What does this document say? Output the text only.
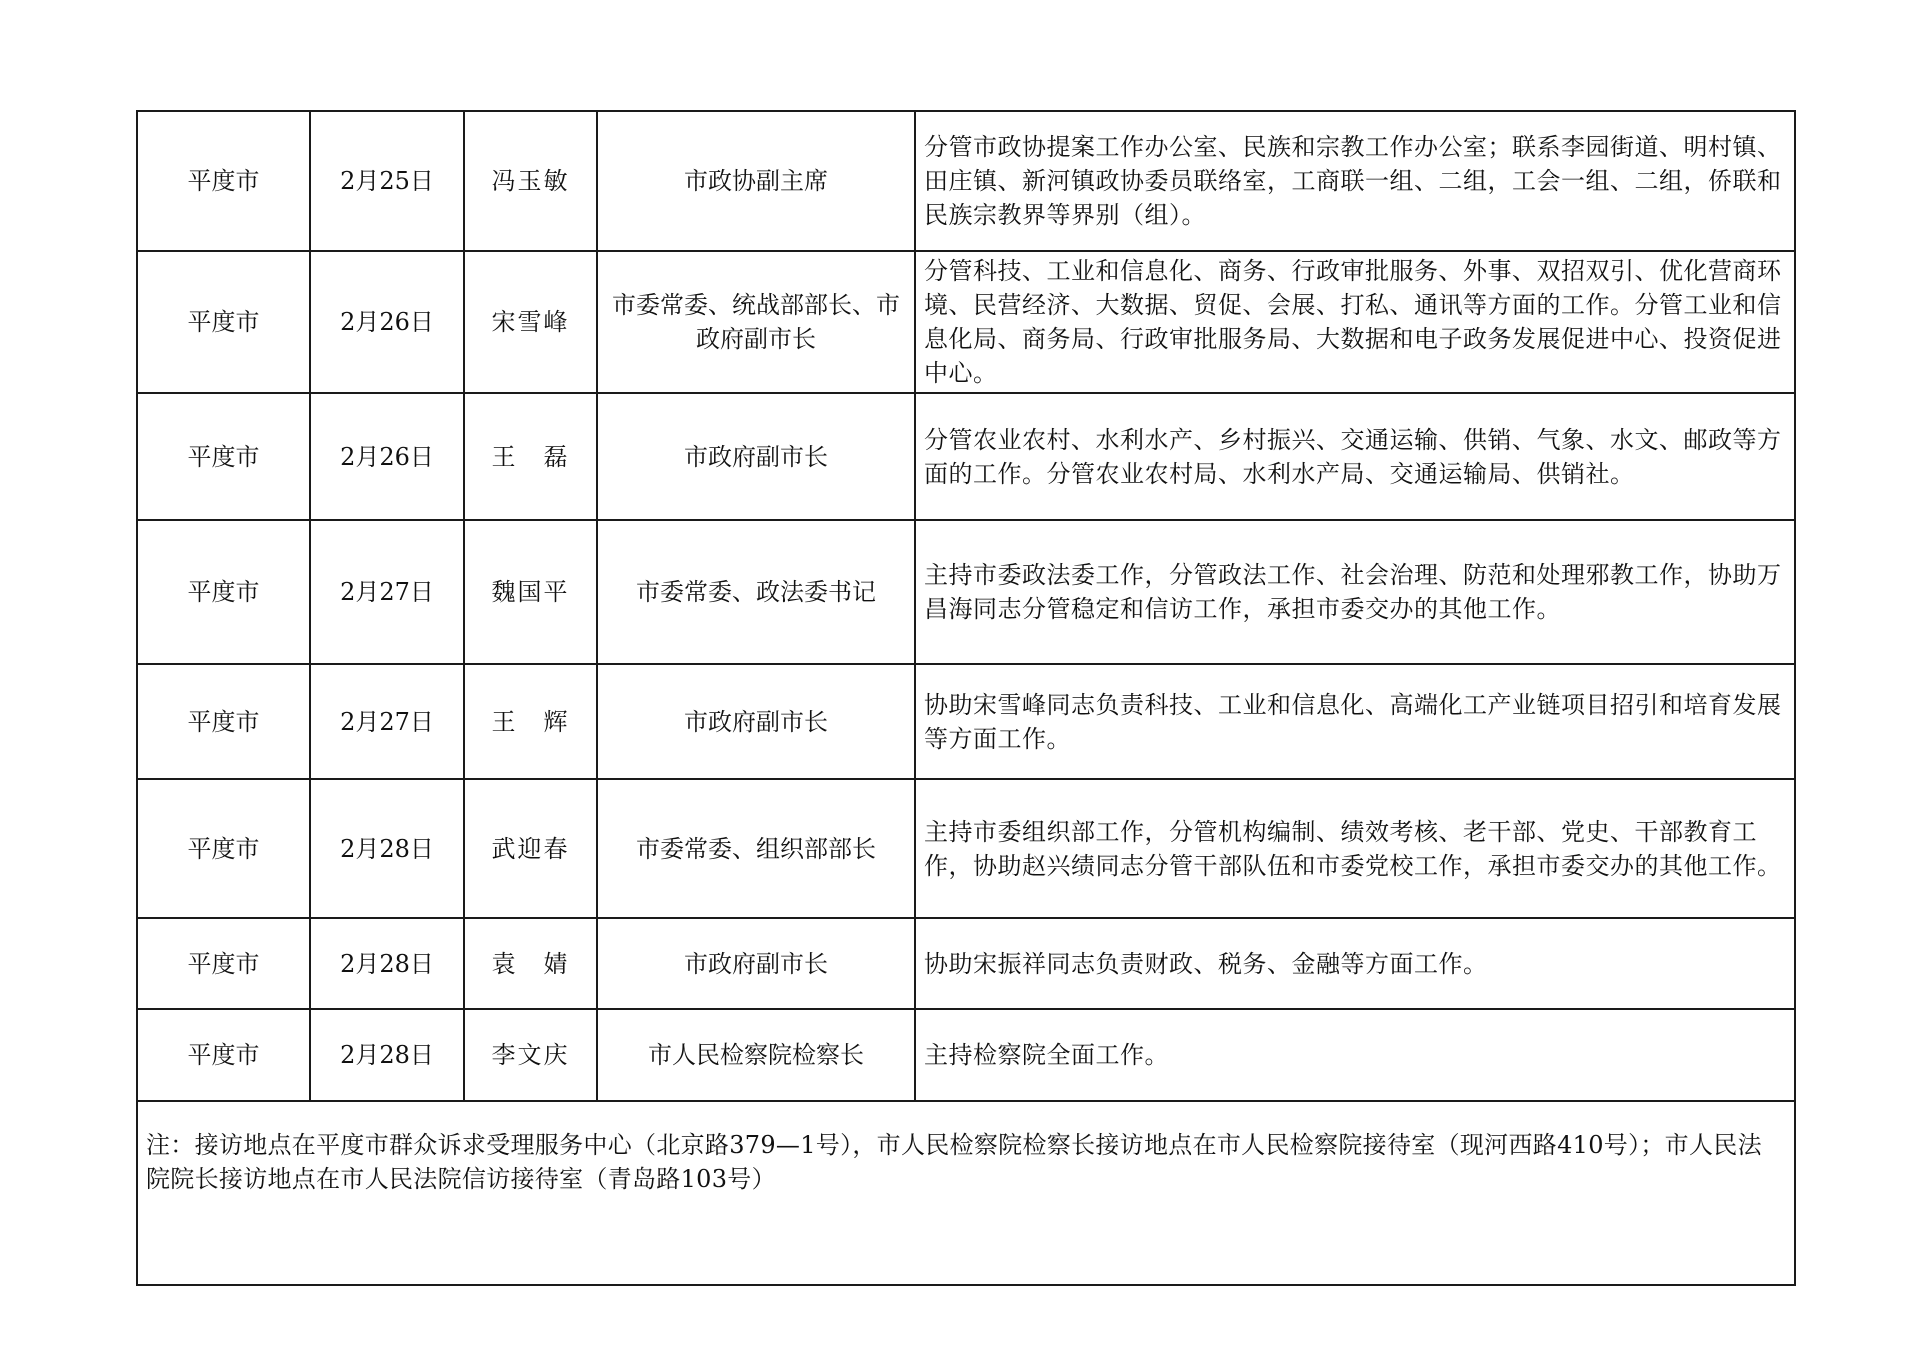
平度市	2月25日	冯玉敏	市政协副主席	分管市政协提案工作办公室、民族和宗教工作办公室；联系李园街道、明村镇、田庄镇、新河镇政协委员联络室，工商联一组、二组，工会一组、二组，侨联和民族宗教界等界别（组）。
平度市	2月26日	宋雪峰	市委常委、统战部部长、市政府副市长	分管科技、工业和信息化、商务、行政审批服务、外事、双招双引、优化营商环境、民营经济、大数据、贸促、会展、打私、通讯等方面的工作。分管工业和信息化局、商务局、行政审批服务局、大数据和电子政务发展促进中心、投资促进中心。
平度市	2月26日	王　磊	市政府副市长	分管农业农村、水利水产、乡村振兴、交通运输、供销、气象、水文、邮政等方面的工作。分管农业农村局、水利水产局、交通运输局、供销社。
平度市	2月27日	魏国平	市委常委、政法委书记	主持市委政法委工作，分管政法工作、社会治理、防范和处理邪教工作，协助万昌海同志分管稳定和信访工作，承担市委交办的其他工作。
平度市	2月27日	王　辉	市政府副市长	协助宋雪峰同志负责科技、工业和信息化、高端化工产业链项目招引和培育发展等方面工作。
平度市	2月28日	武迎春	市委常委、组织部部长	主持市委组织部工作，分管机构编制、绩效考核、老干部、党史、干部教育工作，协助赵兴绩同志分管干部队伍和市委党校工作，承担市委交办的其他工作。
平度市	2月28日	袁　婧	市政府副市长	协助宋振祥同志负责财政、税务、金融等方面工作。
平度市	2月28日	李文庆	市人民检察院检察长	主持检察院全面工作。
注：接访地点在平度市群众诉求受理服务中心（北京路379—1号），市人民检察院检察长接访地点在市人民检察院接待室（现河西路410号）；市人民法院院长接访地点在市人民法院信访接待室（青岛路103号）				
